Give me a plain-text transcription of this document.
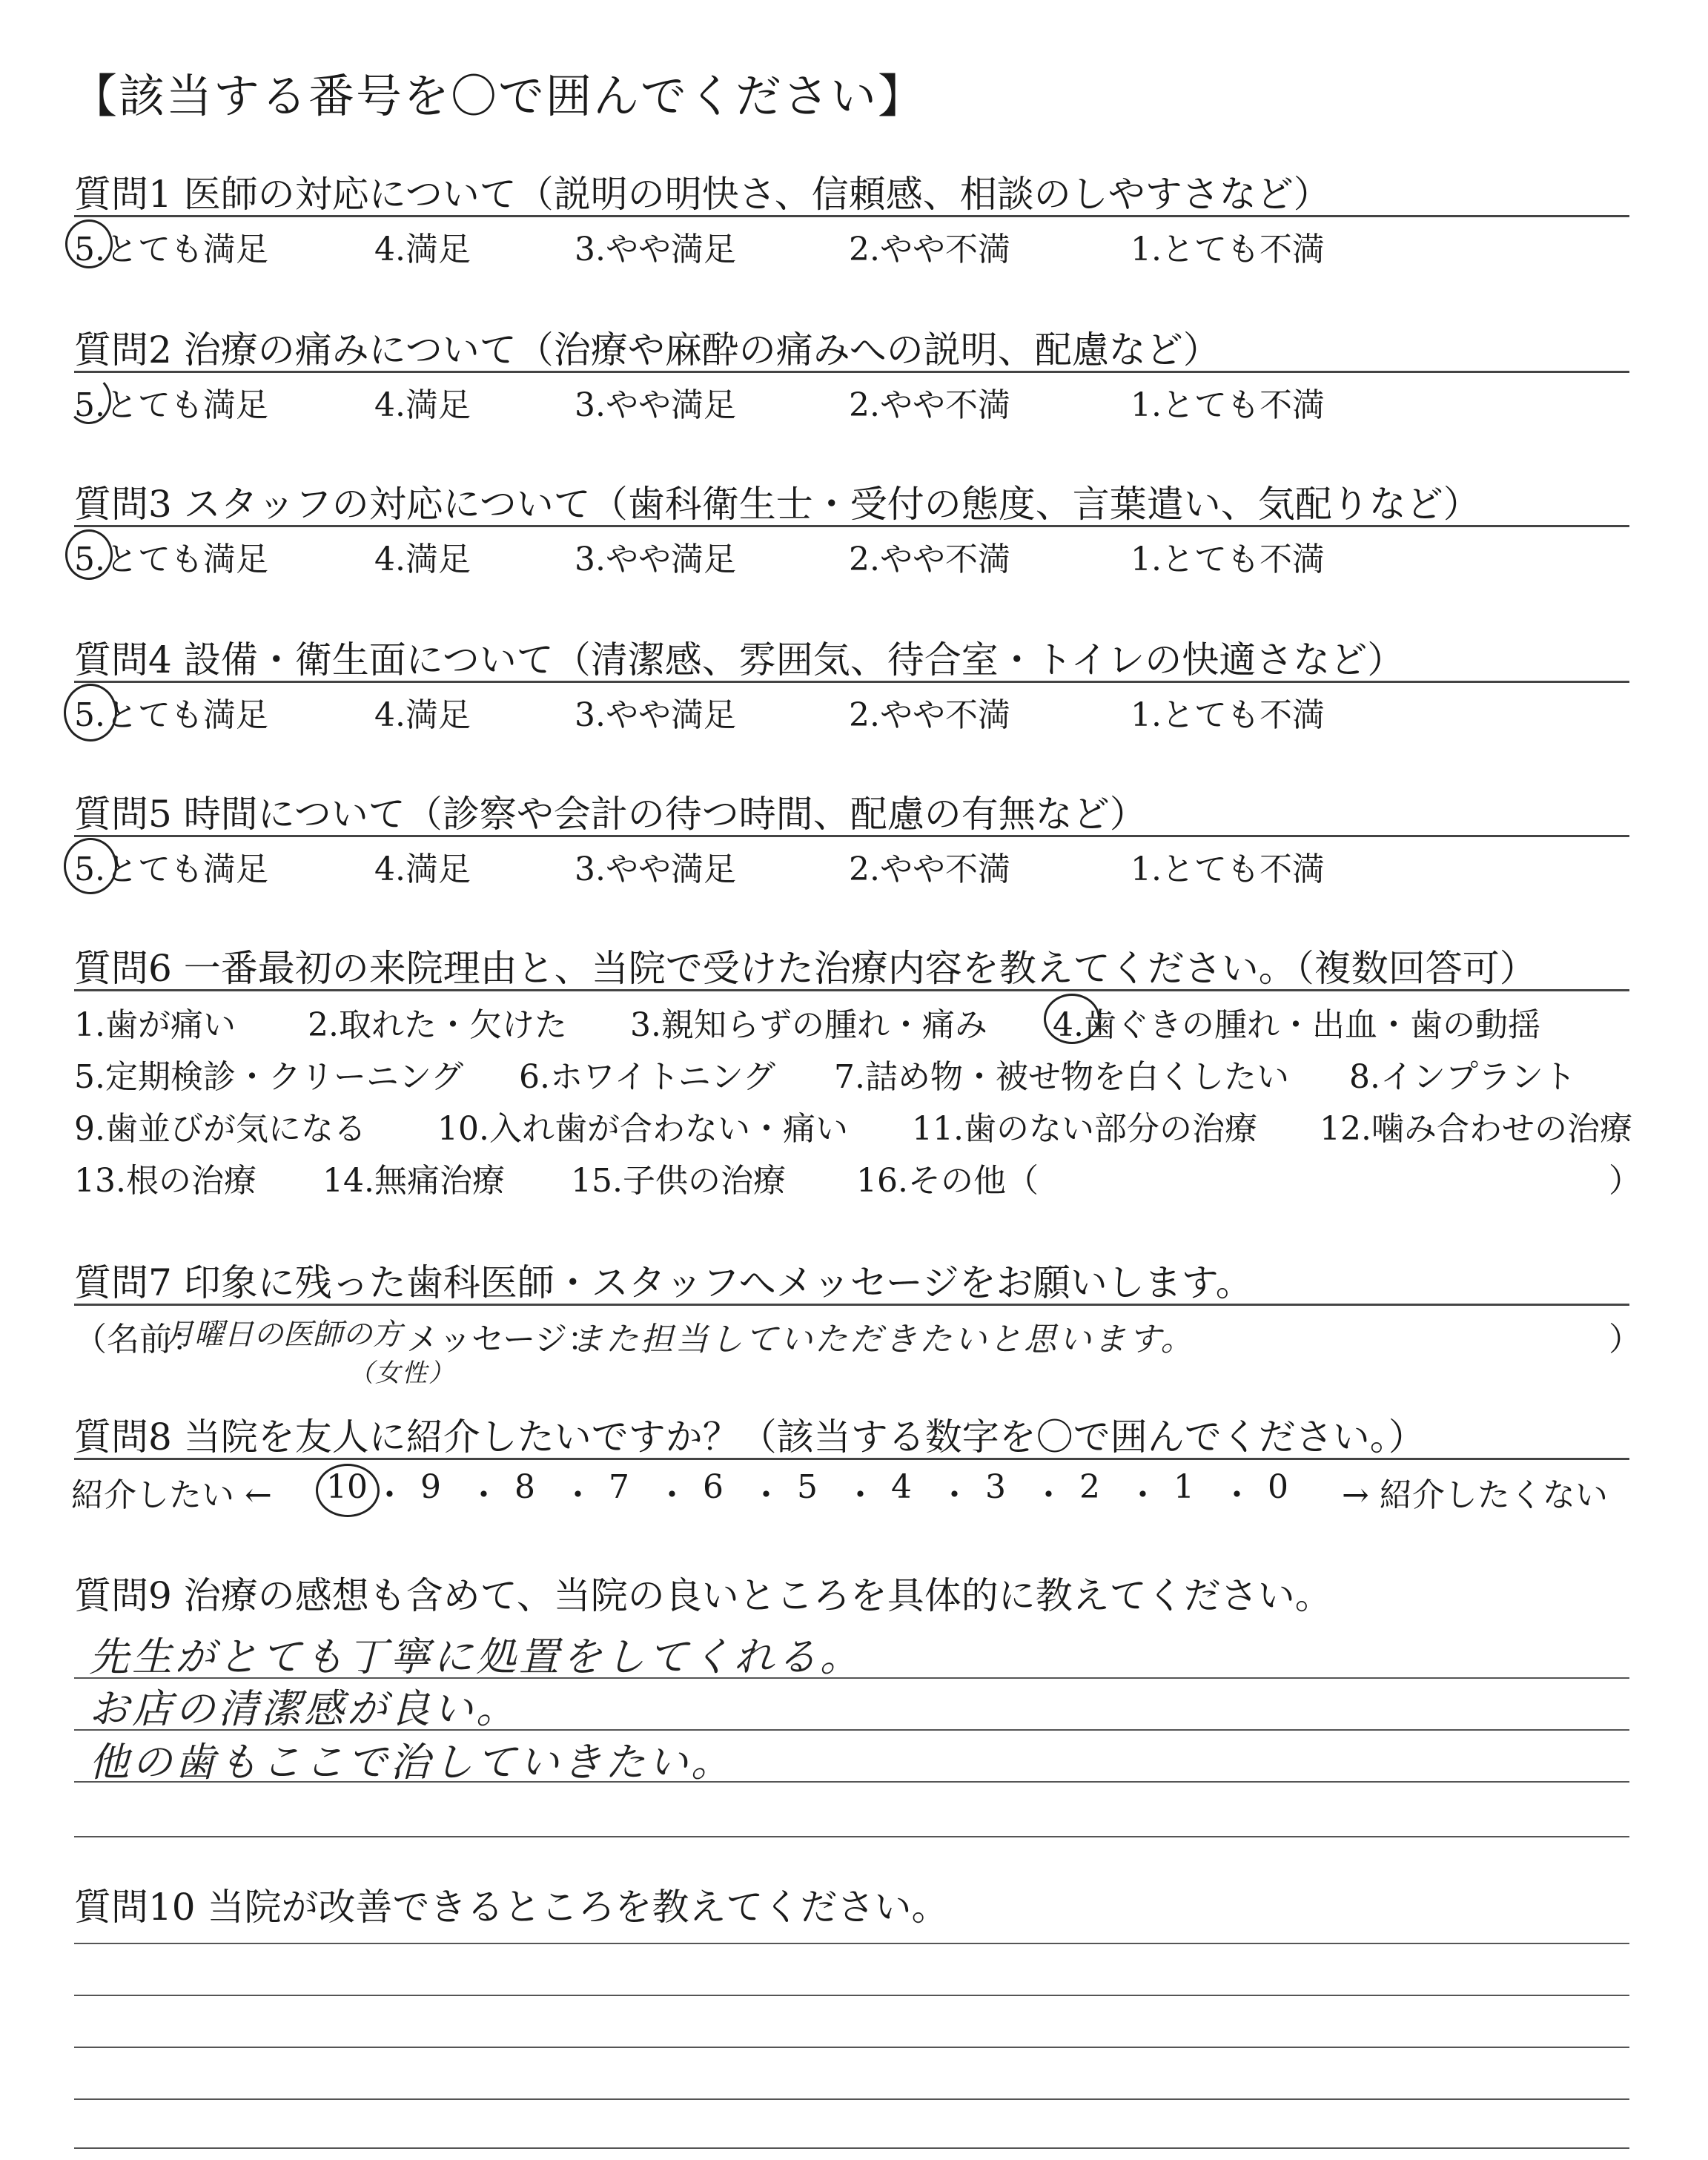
【該当する番号を〇で囲んでください】
質問1 医師の対応について（説明の明快さ、信頼感、相談のしやすさなど）
5.とても満足	4.満足	3.やや満足	2.やや不満	1.とても不満
質問2 治療の痛みについて（治療や麻酔の痛みへの説明、配慮など）
5.とても満足	4.満足	3.やや満足	2.やや不満	1.とても不満
質問3 スタッフの対応について（歯科衛生士・受付の態度、言葉遣い、気配りなど）
5.とても満足	4.満足	3.やや満足	2.やや不満	1.とても不満
質問4 設備・衛生面について（清潔感、雰囲気、待合室・トイレの快適さなど）
5.とても満足	4.満足	3.やや満足	2.やや不満	1.とても不満
質問5 時間について（診察や会計の待つ時間、配慮の有無など）
5.とても満足	4.満足	3.やや満足	2.やや不満	1.とても不満
質問6 一番最初の来院理由と、当院で受けた治療内容を教えてください。（複数回答可）
1.歯が痛い 2.取れた・欠けた 3.親知らずの腫れ・痛み 4.歯ぐきの腫れ・出血・歯の動揺
5.定期検診・クリーニング 6.ホワイトニング 7.詰め物・被せ物を白くしたい 8.インプラント
9.歯並びが気になる 10.入れ歯が合わない・痛い 11.歯のない部分の治療 12.噛み合わせの治療
13.根の治療 14.無痛治療 15.子供の治療 16.その他（	）
質問7 印象に残った歯科医師・スタッフへメッセージをお願いします。
（名前：
月曜日の医師の方
（女性）
メッセージ：
また担当していただきたいと思います。	）
質問8 当院を友人に紹介したいですか？（該当する数字を〇で囲んでください。）
紹介したい ← 10 ・ 9 ・ 8 ・ 7 ・ 6 ・ 5 ・ 4 ・ 3 ・ 2 ・ 1 ・ 0 → 紹介したくない
質問9 治療の感想も含めて、当院の良いところを具体的に教えてください。
先生がとても丁寧に処置をしてくれる。
お店の清潔感が良い。
他の歯もここで治していきたい。
質問10 当院が改善できるところを教えてください。
